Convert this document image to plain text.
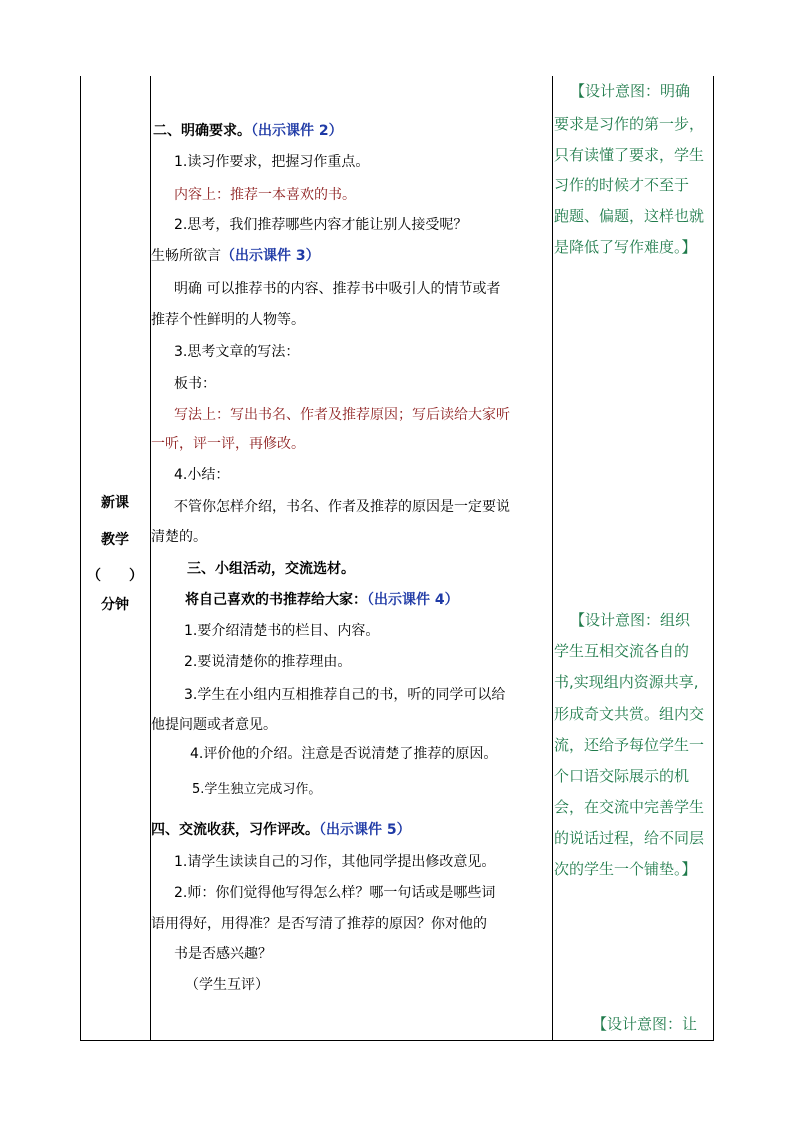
新课
教学
（　　）
分钟
二、明确要求。（出示课件 2）
1.读习作要求，把握习作重点。
内容上：推荐一本喜欢的书。
2.思考，我们推荐哪些内容才能让别人接受呢？
生畅所欲言（出示课件 3）
明确 可以推荐书的内容、推荐书中吸引人的情节或者
推荐个性鲜明的人物等。
3.思考文章的写法：
板书：
写法上：写出书名、作者及推荐原因；写后读给大家听
一听，评一评，再修改。
4.小结：
不管你怎样介绍，书名、作者及推荐的原因是一定要说
清楚的。
三、小组活动，交流选材。
将自己喜欢的书推荐给大家：（出示课件 4）
1.要介绍清楚书的栏目、内容。
2.要说清楚你的推荐理由。
3.学生在小组内互相推荐自己的书，听的同学可以给
他提问题或者意见。
4.评价他的介绍。注意是否说清楚了推荐的原因。
5.学生独立完成习作。
四、交流收获，习作评改。（出示课件 5）
1.请学生读读自己的习作，其他同学提出修改意见。
2.师：你们觉得他写得怎么样？哪一句话或是哪些词
语用得好，用得准？是否写清了推荐的原因？你对他的
书是否感兴趣？
（学生互评）
【设计意图：明确
要求是习作的第一步，
只有读懂了要求，学生
习作的时候才不至于
跑题、偏题，这样也就
是降低了写作难度。】
【设计意图：组织
学生互相交流各自的
书,实现组内资源共享,
形成奇文共赏。组内交
流，还给予每位学生一
个口语交际展示的机
会，在交流中完善学生
的说话过程，给不同层
次的学生一个铺垫。】
【设计意图：让
